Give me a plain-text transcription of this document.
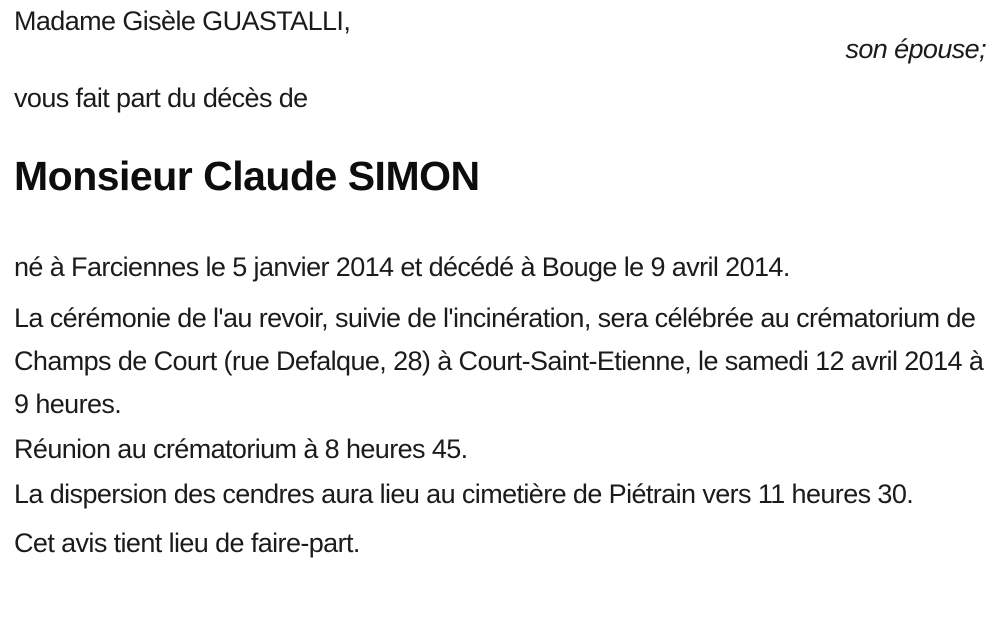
Madame Gisèle GUASTALLI,

son épouse;

vous fait part du décès de

Monsieur Claude SIMON

né à Farciennes le 5 janvier 2014 et décédé à Bouge le 9 avril 2014.

La cérémonie de l'au revoir, suivie de l'incinération, sera célébrée au crématorium de Champs de Court (rue Defalque, 28) à Court-Saint-Etienne, le samedi 12 avril 2014 à 9 heures.

Réunion au crématorium à 8 heures 45.

La dispersion des cendres aura lieu au cimetière de Piétrain vers 11 heures 30.

Cet avis tient lieu de faire-part.
